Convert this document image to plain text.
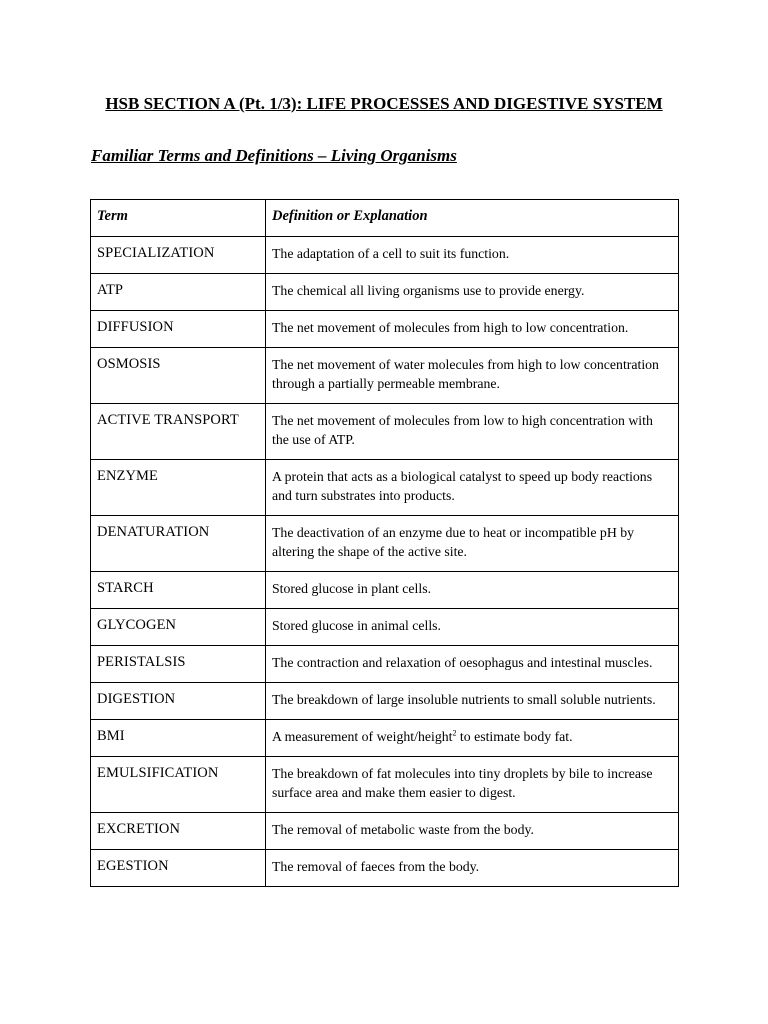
HSB SECTION A (Pt. 1/3): LIFE PROCESSES AND DIGESTIVE SYSTEM
Familiar Terms and Definitions – Living Organisms
Term	Definition or Explanation
SPECIALIZATION	The adaptation of a cell to suit its function.
ATP	The chemical all living organisms use to provide energy.
DIFFUSION	The net movement of molecules from high to low concentration.
OSMOSIS	The net movement of water molecules from high to low concentration through a partially permeable membrane.
ACTIVE TRANSPORT	The net movement of molecules from low to high concentration with the use of ATP.
ENZYME	A protein that acts as a biological catalyst to speed up body reactions and turn substrates into products.
DENATURATION	The deactivation of an enzyme due to heat or incompatible pH by altering the shape of the active site.
STARCH	Stored glucose in plant cells.
GLYCOGEN	Stored glucose in animal cells.
PERISTALSIS	The contraction and relaxation of oesophagus and intestinal muscles.
DIGESTION	The breakdown of large insoluble nutrients to small soluble nutrients.
BMI	A measurement of weight/height$^2$ to estimate body fat.
EMULSIFICATION	The breakdown of fat molecules into tiny droplets by bile to increase surface area and make them easier to digest.
EXCRETION	The removal of metabolic waste from the body.
EGESTION	The removal of faeces from the body.
